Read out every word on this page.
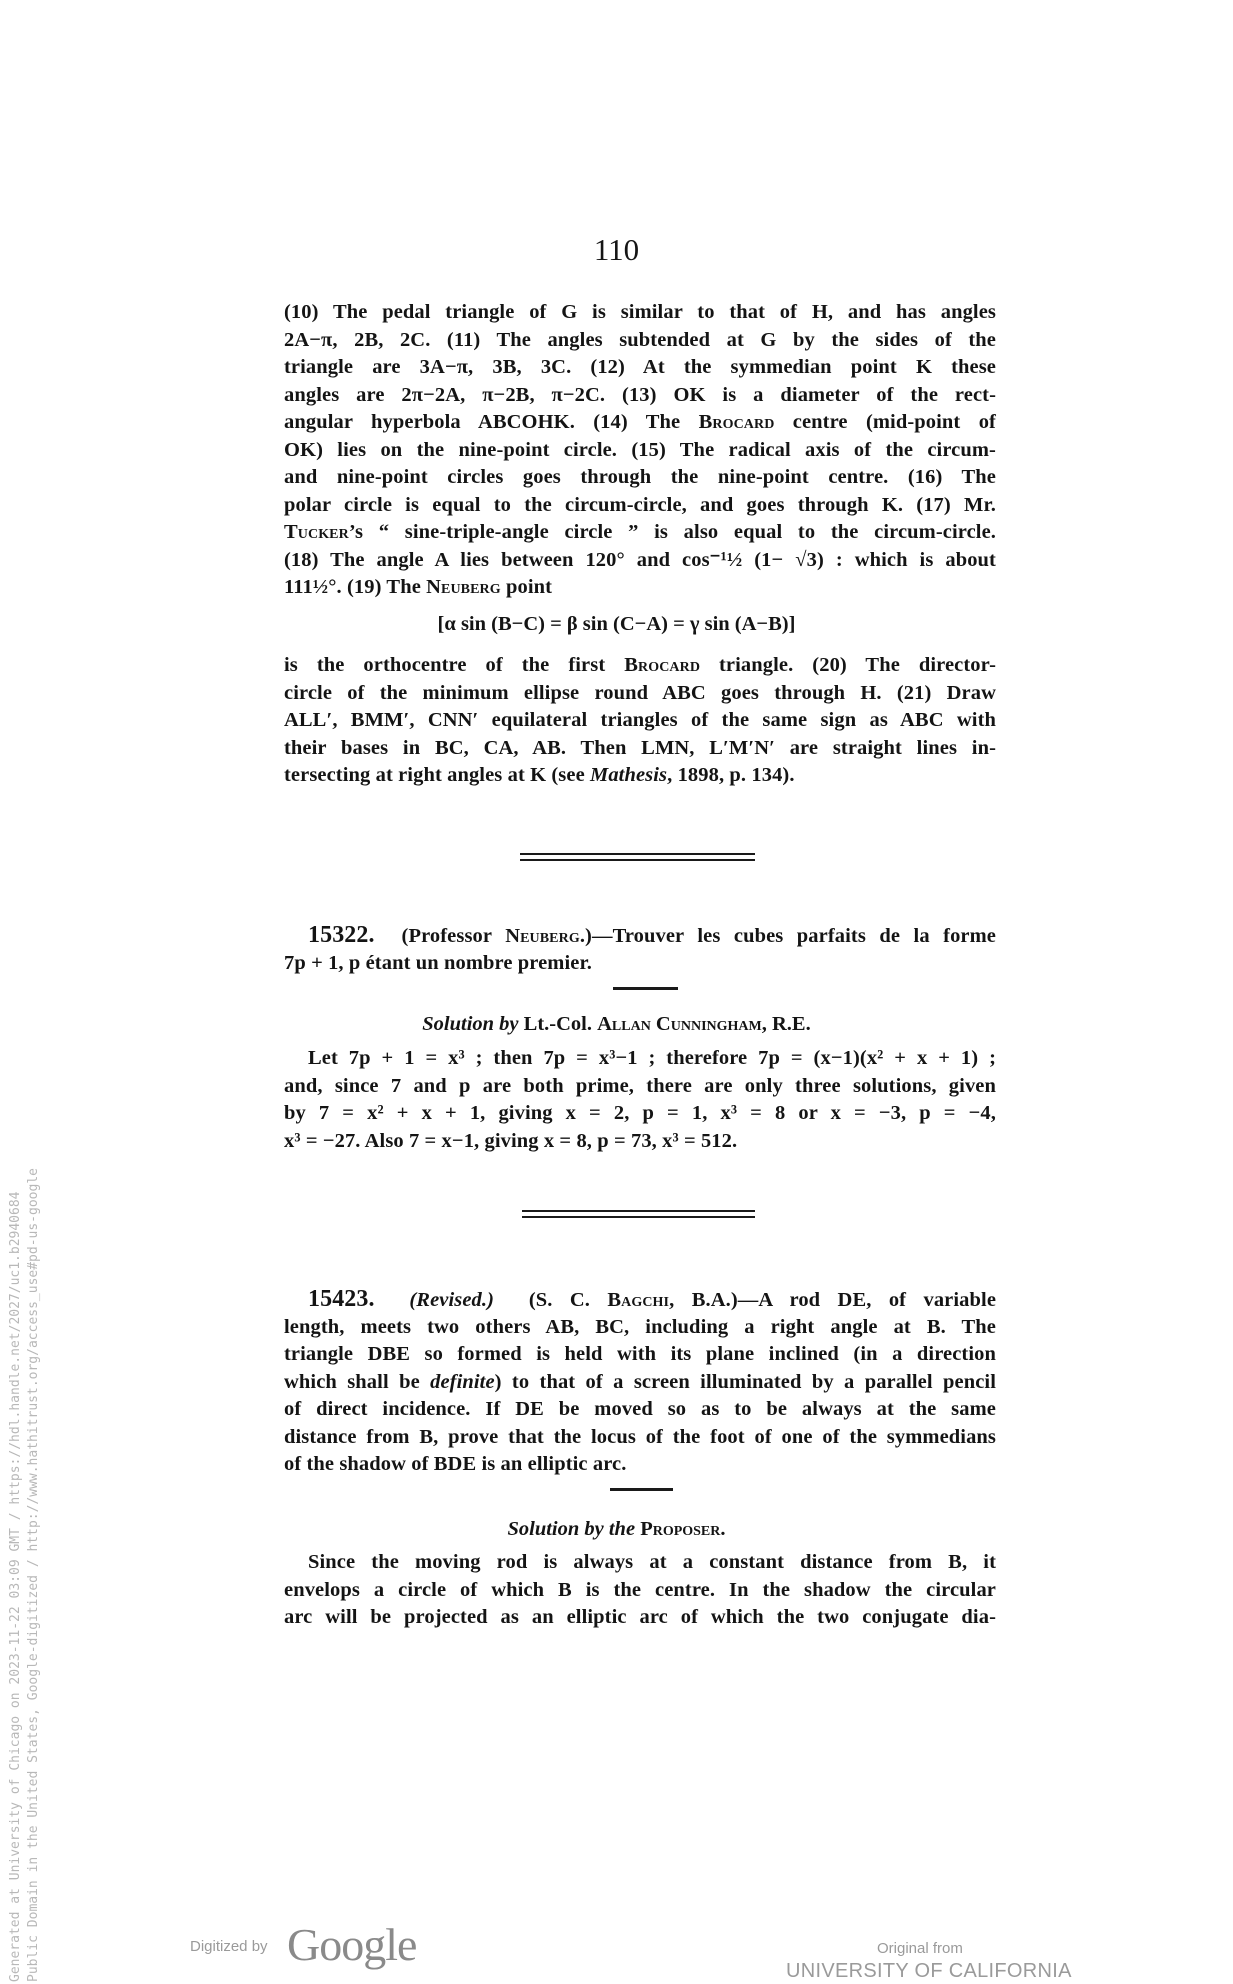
Generated at University of Chicago on 2023-11-22 03:09 GMT / https://hdl.handle.net/2027/uc1.b2940684 Public Domain in the United States, Google-digitized / http://www.hathitrust.org/access_use#pd-us-google
110
(10) The pedal triangle of G is similar to that of H, and has angles
2A−π, 2B, 2C. (11) The angles subtended at G by the sides of the
triangle are 3A−π, 3B, 3C. (12) At the symmedian point K these
angles are 2π−2A, π−2B, π−2C. (13) OK is a diameter of the rect-
angular hyperbola ABCOHK. (14) The Brocard centre (mid-point of
OK) lies on the nine-point circle. (15) The radical axis of the circum-
and nine-point circles goes through the nine-point centre. (16) The
polar circle is equal to the circum-circle, and goes through K. (17) Mr.
Tucker’s “ sine-triple-angle circle ” is also equal to the circum-circle.
(18) The angle A lies between 120° and cos⁻¹½ (1− √3) : which is about
111½°. (19) The Neuberg point
[α sin (B−C) = β sin (C−A) = γ sin (A−B)]
is the orthocentre of the first Brocard triangle. (20) The director-
circle of the minimum ellipse round ABC goes through H. (21) Draw
ALL′, BMM′, CNN′ equilateral triangles of the same sign as ABC with
their bases in BC, CA, AB. Then LMN, L′M′N′ are straight lines in-
tersecting at right angles at K (see Mathesis, 1898, p. 134).
15322. (Professor Neuberg.)—Trouver les cubes parfaits de la forme
7p + 1, p étant un nombre premier.
Solution by Lt.-Col. Allan Cunningham, R.E.
Let 7p + 1 = x³ ; then 7p = x³−1 ; therefore 7p = (x−1)(x² + x + 1) ;
and, since 7 and p are both prime, there are only three solutions, given
by 7 = x² + x + 1, giving x = 2, p = 1, x³ = 8 or x = −3, p = −4,
x³ = −27. Also 7 = x−1, giving x = 8, p = 73, x³ = 512.
15423. (Revised.) (S. C. Bagchi, B.A.)—A rod DE, of variable
length, meets two others AB, BC, including a right angle at B. The
triangle DBE so formed is held with its plane inclined (in a direction
which shall be definite) to that of a screen illuminated by a parallel pencil
of direct incidence. If DE be moved so as to be always at the same
distance from B, prove that the locus of the foot of one of the symmedians
of the shadow of BDE is an elliptic arc.
Solution by the Proposer.
Since the moving rod is always at a constant distance from B, it
envelops a circle of which B is the centre. In the shadow the circular
arc will be projected as an elliptic arc of which the two conjugate dia-
Digitized by Google	Original from
UNIVERSITY OF CALIFORNIA
